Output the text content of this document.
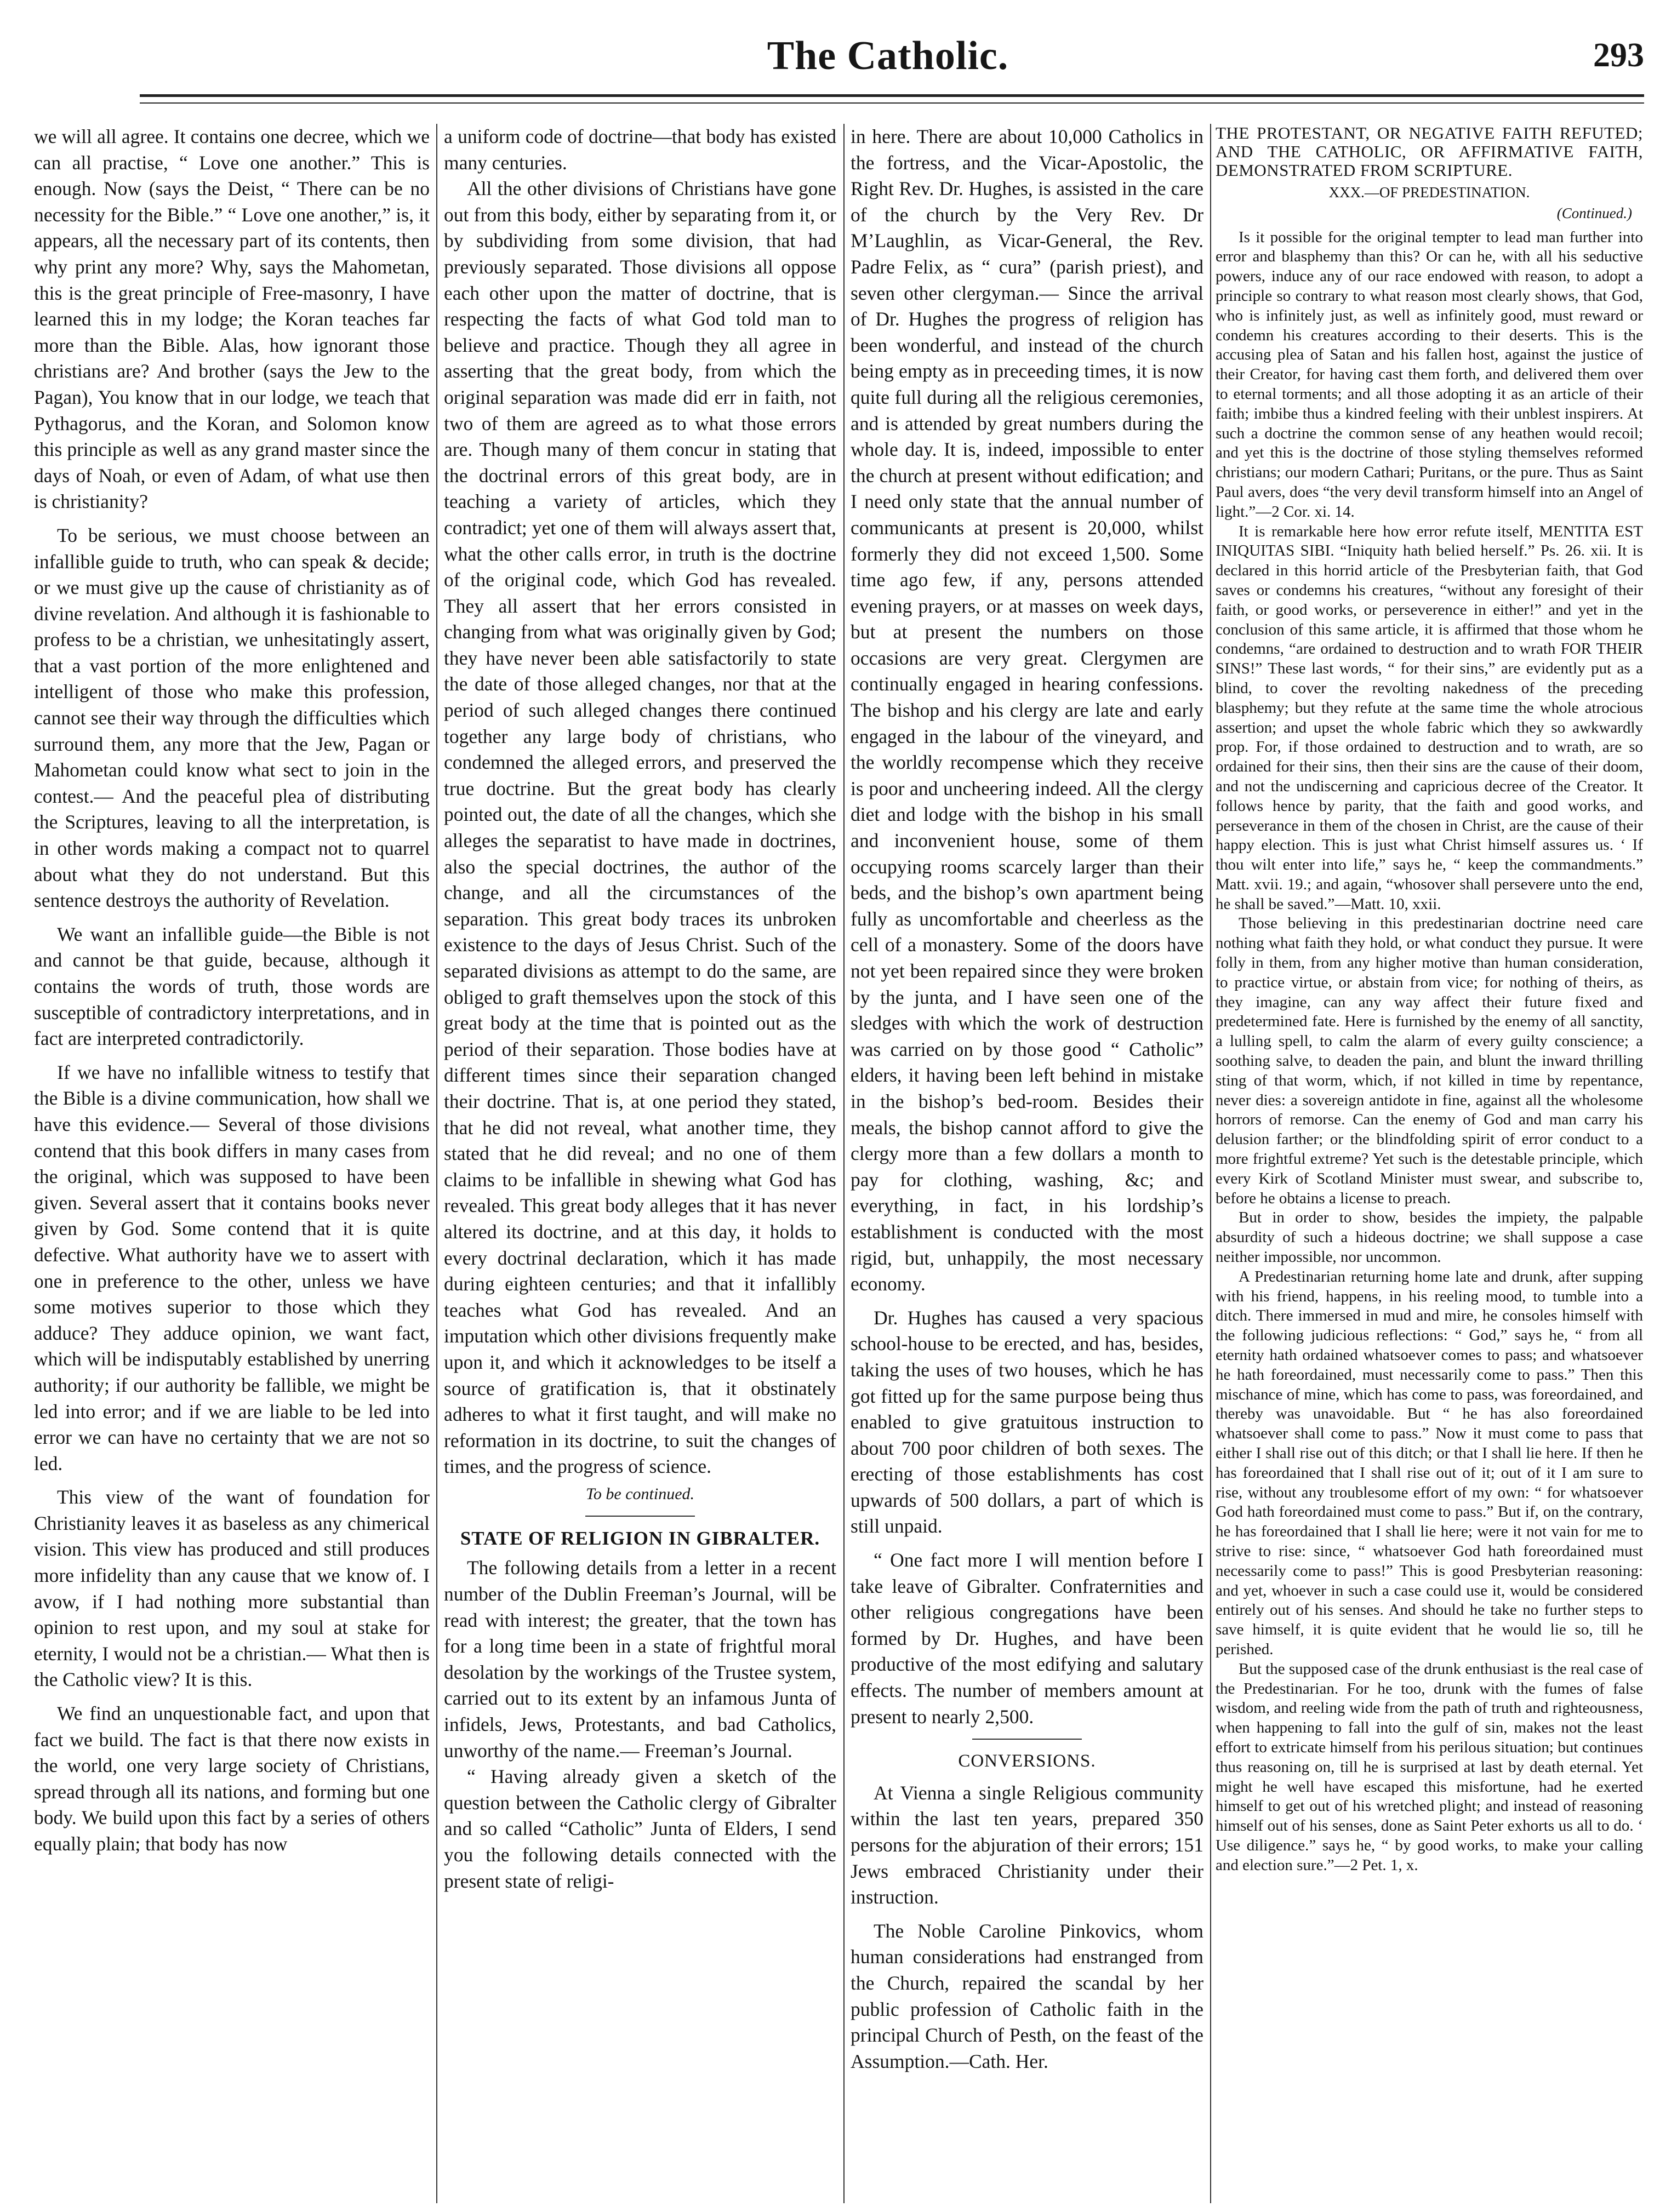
The Catholic.	293

we will all agree. It contains one decree, which we can all practise, “ Love one another.” This is enough. Now (says the Deist, “ There can be no necessity for the Bible.” “ Love one another,” is, it appears, all the necessary part of its contents, then why print any more? Why, says the Mahometan, this is the great principle of Free-masonry, I have learned this in my lodge; the Koran teaches far more than the Bible. Alas, how ignorant those christians are? And brother (says the Jew to the Pagan), You know that in our lodge, we teach that Pythagorus, and the Koran, and Solomon know this principle as well as any grand master since the days of Noah, or even of Adam, of what use then is christianity?

To be serious, we must choose between an infallible guide to truth, who can speak & decide; or we must give up the cause of christianity as of divine revelation. And although it is fashionable to profess to be a christian, we unhesitatingly assert, that a vast portion of the more enlightened and intelligent of those who make this profession, cannot see their way through the difficulties which surround them, any more that the Jew, Pagan or Mahometan could know what sect to join in the contest.— And the peaceful plea of distributing the Scriptures, leaving to all the interpretation, is in other words making a compact not to quarrel about what they do not understand. But this sentence destroys the authority of Revelation.

We want an infallible guide—the Bible is not and cannot be that guide, because, although it contains the words of truth, those words are susceptible of contradictory interpretations, and in fact are interpreted contradictorily.

If we have no infallible witness to testify that the Bible is a divine communication, how shall we have this evidence.— Several of those divisions contend that this book differs in many cases from the original, which was supposed to have been given. Several assert that it contains books never given by God. Some contend that it is quite defective. What authority have we to assert with one in preference to the other, unless we have some motives superior to those which they adduce? They adduce opinion, we want fact, which will be indisputably established by unerring authority; if our authority be fallible, we might be led into error; and if we are liable to be led into error we can have no certainty that we are not so led.

This view of the want of foundation for Christianity leaves it as baseless as any chimerical vision. This view has produced and still produces more infidelity than any cause that we know of. I avow, if I had nothing more substantial than opinion to rest upon, and my soul at stake for eternity, I would not be a christian.— What then is the Catholic view? It is this.

We find an unquestionable fact, and upon that fact we build. The fact is that there now exists in the world, one very large society of Christians, spread through all its nations, and forming but one body. We build upon this fact by a series of others equally plain; that body has now

a uniform code of doctrine—that body has existed many centuries.

All the other divisions of Christians have gone out from this body, either by separating from it, or by subdividing from some division, that had previously separated. Those divisions all oppose each other upon the matter of doctrine, that is respecting the facts of what God told man to believe and practice. Though they all agree in asserting that the great body, from which the original separation was made did err in faith, not two of them are agreed as to what those errors are. Though many of them concur in stating that the doctrinal errors of this great body, are in teaching a variety of articles, which they contradict; yet one of them will always assert that, what the other calls error, in truth is the doctrine of the original code, which God has revealed. They all assert that her errors consisted in changing from what was originally given by God; they have never been able satisfactorily to state the date of those alleged changes, nor that at the period of such alleged changes there continued together any large body of christians, who condemned the alleged errors, and preserved the true doctrine. But the great body has clearly pointed out, the date of all the changes, which she alleges the separatist to have made in doctrines, also the special doctrines, the author of the change, and all the circumstances of the separation. This great body traces its unbroken existence to the days of Jesus Christ. Such of the separated divisions as attempt to do the same, are obliged to graft themselves upon the stock of this great body at the time that is pointed out as the period of their separation. Those bodies have at different times since their separation changed their doctrine. That is, at one period they stated, that he did not reveal, what another time, they stated that he did reveal; and no one of them claims to be infallible in shewing what God has revealed. This great body alleges that it has never altered its doctrine, and at this day, it holds to every doctrinal declaration, which it has made during eighteen centuries; and that it infallibly teaches what God has revealed. And an imputation which other divisions frequently make upon it, and which it acknowledges to be itself a source of gratification is, that it obstinately adheres to what it first taught, and will make no reformation in its doctrine, to suit the changes of times, and the progress of science.

To be continued.
STATE OF RELIGION IN GIBRALTER.

The following details from a letter in a recent number of the Dublin Freeman’s Journal, will be read with interest; the greater, that the town has for a long time been in a state of frightful moral desolation by the workings of the Trustee system, carried out to its extent by an infamous Junta of infidels, Jews, Protestants, and bad Catholics, unworthy of the name.— Freeman’s Journal.

“ Having already given a sketch of the question between the Catholic clergy of Gibralter and so called “Catholic” Junta of Elders, I send you the following details connected with the present state of religi-

in here. There are about 10,000 Catholics in the fortress, and the Vicar-Apostolic, the Right Rev. Dr. Hughes, is assisted in the care of the church by the Very Rev. Dr M’Laughlin, as Vicar-General, the Rev. Padre Felix, as “ cura” (parish priest), and seven other clergyman.— Since the arrival of Dr. Hughes the progress of religion has been wonderful, and instead of the church being empty as in preceeding times, it is now quite full during all the religious ceremonies, and is attended by great numbers during the whole day. It is, indeed, impossible to enter the church at present without edification; and I need only state that the annual number of communicants at present is 20,000, whilst formerly they did not exceed 1,500. Some time ago few, if any, persons attended evening prayers, or at masses on week days, but at present the numbers on those occasions are very great. Clergymen are continually engaged in hearing confessions. The bishop and his clergy are late and early engaged in the labour of the vineyard, and the worldly recompense which they receive is poor and uncheering indeed. All the clergy diet and lodge with the bishop in his small and inconvenient house, some of them occupying rooms scarcely larger than their beds, and the bishop’s own apartment being fully as uncomfortable and cheerless as the cell of a monastery. Some of the doors have not yet been repaired since they were broken by the junta, and I have seen one of the sledges with which the work of destruction was carried on by those good “ Catholic” elders, it having been left behind in mistake in the bishop’s bed-room. Besides their meals, the bishop cannot afford to give the clergy more than a few dollars a month to pay for clothing, washing, &c; and everything, in fact, in his lordship’s establishment is conducted with the most rigid, but, unhappily, the most necessary economy.

Dr. Hughes has caused a very spacious school-house to be erected, and has, besides, taking the uses of two houses, which he has got fitted up for the same purpose being thus enabled to give gratuitous instruction to about 700 poor children of both sexes. The erecting of those establishments has cost upwards of 500 dollars, a part of which is still unpaid.

“ One fact more I will mention before I take leave of Gibralter. Confraternities and other religious congregations have been formed by Dr. Hughes, and have been productive of the most edifying and salutary effects. The number of members amount at present to nearly 2,500.

CONVERSIONS.

At Vienna a single Religious community within the last ten years, prepared 350 persons for the abjuration of their errors; 151 Jews embraced Christianity under their instruction.

The Noble Caroline Pinkovics, whom human considerations had enstranged from the Church, repaired the scandal by her public profession of Catholic faith in the principal Church of Pesth, on the feast of the Assumption.—Cath. Her.

THE PROTESTANT, OR NEGATIVE FAITH REFUTED; AND THE CATHOLIC, OR AFFIRMATIVE FAITH, DEMONSTRATED FROM SCRIPTURE.
XXX.—OF PREDESTINATION.
(Continued.)

Is it possible for the original tempter to lead man further into error and blasphemy than this? Or can he, with all his seductive powers, induce any of our race endowed with reason, to adopt a principle so contrary to what reason most clearly shows, that God, who is infinitely just, as well as infinitely good, must reward or condemn his creatures according to their deserts. This is the accusing plea of Satan and his fallen host, against the justice of their Creator, for having cast them forth, and delivered them over to eternal torments; and all those adopting it as an article of their faith; imbibe thus a kindred feeling with their unblest inspirers. At such a doctrine the common sense of any heathen would recoil; and yet this is the doctrine of those styling themselves reformed christians; our modern Cathari; Puritans, or the pure. Thus as Saint Paul avers, does “the very devil transform himself into an Angel of light.”—2 Cor. xi. 14.

It is remarkable here how error refute itself, MENTITA EST INIQUITAS SIBI. “Iniquity hath belied herself.” Ps. 26. xii. It is declared in this horrid article of the Presbyterian faith, that God saves or condemns his creatures, “without any foresight of their faith, or good works, or perseverence in either!” and yet in the conclusion of this same article, it is affirmed that those whom he condemns, “are ordained to destruction and to wrath FOR THEIR SINS!” These last words, “ for their sins,” are evidently put as a blind, to cover the revolting nakedness of the preceding blasphemy; but they refute at the same time the whole atrocious assertion; and upset the whole fabric which they so awkwardly prop. For, if those ordained to destruction and to wrath, are so ordained for their sins, then their sins are the cause of their doom, and not the undiscerning and capricious decree of the Creator. It follows hence by parity, that the faith and good works, and perseverance in them of the chosen in Christ, are the cause of their happy election. This is just what Christ himself assures us. ‘ If thou wilt enter into life,” says he, “ keep the commandments.” Matt. xvii. 19.; and again, “whosover shall persevere unto the end, he shall be saved.”—Matt. 10, xxii.

Those believing in this predestinarian doctrine need care nothing what faith they hold, or what conduct they pursue. It were folly in them, from any higher motive than human consideration, to practice virtue, or abstain from vice; for nothing of theirs, as they imagine, can any way affect their future fixed and predetermined fate. Here is furnished by the enemy of all sanctity, a lulling spell, to calm the alarm of every guilty conscience; a soothing salve, to deaden the pain, and blunt the inward thrilling sting of that worm, which, if not killed in time by repentance, never dies: a sovereign antidote in fine, against all the wholesome horrors of remorse. Can the enemy of God and man carry his delusion farther; or the blindfolding spirit of error conduct to a more frightful extreme? Yet such is the detestable principle, which every Kirk of Scotland Minister must swear, and subscribe to, before he obtains a license to preach.

But in order to show, besides the impiety, the palpable absurdity of such a hideous doctrine; we shall suppose a case neither impossible, nor uncommon.

A Predestinarian returning home late and drunk, after supping with his friend, happens, in his reeling mood, to tumble into a ditch. There immersed in mud and mire, he consoles himself with the following judicious reflections: “ God,” says he, “ from all eternity hath ordained whatsoever comes to pass; and whatsoever he hath foreordained, must necessarily come to pass.” Then this mischance of mine, which has come to pass, was foreordained, and thereby was unavoidable. But “ he has also foreordained whatsoever shall come to pass.” Now it must come to pass that either I shall rise out of this ditch; or that I shall lie here. If then he has foreordained that I shall rise out of it; out of it I am sure to rise, without any troublesome effort of my own: “ for whatsoever God hath foreordained must come to pass.” But if, on the contrary, he has foreordained that I shall lie here; were it not vain for me to strive to rise: since, “ whatsoever God hath foreordained must necessarily come to pass!” This is good Presbyterian reasoning: and yet, whoever in such a case could use it, would be considered entirely out of his senses. And should he take no further steps to save himself, it is quite evident that he would lie so, till he perished.

But the supposed case of the drunk enthusiast is the real case of the Predestinarian. For he too, drunk with the fumes of false wisdom, and reeling wide from the path of truth and righteousness, when happening to fall into the gulf of sin, makes not the least effort to extricate himself from his perilous situation; but continues thus reasoning on, till he is surprised at last by death eternal. Yet might he well have escaped this misfortune, had he exerted himself to get out of his wretched plight; and instead of reasoning himself out of his senses, done as Saint Peter exhorts us all to do. ‘ Use diligence.” says he, “ by good works, to make your calling and election sure.”—2 Pet. 1, x.
